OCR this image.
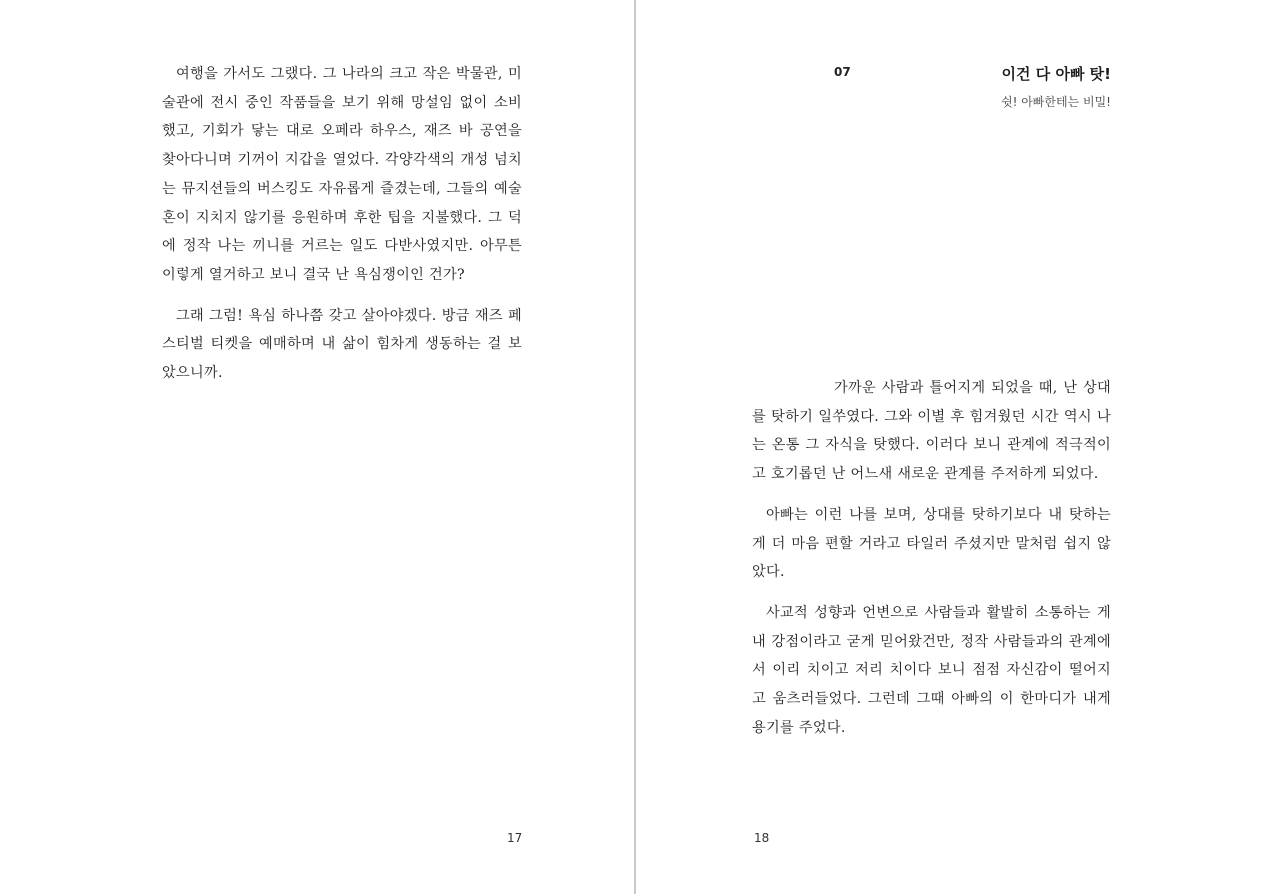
여행을 가서도 그랬다. 그 나라의 크고 작은 박물관, 미술관에 전시 중인 작품들을 보기 위해 망설임 없이 소비했고, 기회가 닿는 대로 오페라 하우스, 재즈 바 공연을 찾아다니며 기꺼이 지갑을 열었다. 각양각색의 개성 넘치는 뮤지션들의 버스킹도 자유롭게 즐겼는데, 그들의 예술혼이 지치지 않기를 응원하며 후한 팁을 지불했다. 그 덕에 정작 나는 끼니를 거르는 일도 다반사였지만. 아무튼 이렇게 열거하고 보니 결국 난 욕심쟁이인 건가?

그래 그럼! 욕심 하나쯤 갖고 살아야겠다. 방금 재즈 페스티벌 티켓을 예매하며 내 삶이 힘차게 생동하는 걸 보았으니까.

17
07	이건 다 아빠 탓!
쉿! 아빠한테는 비밀!

가까운 사람과 틀어지게 되었을 때, 난 상대를 탓하기 일쑤였다. 그와 이별 후 힘겨웠던 시간 역시 나는 온통 그 자식을 탓했다. 이러다 보니 관계에 적극적이고 호기롭던 난 어느새 새로운 관계를 주저하게 되었다.

아빠는 이런 나를 보며, 상대를 탓하기보다 내 탓하는 게 더 마음 편할 거라고 타일러 주셨지만 말처럼 쉽지 않았다.

사교적 성향과 언변으로 사람들과 활발히 소통하는 게 내 강점이라고 굳게 믿어왔건만, 정작 사람들과의 관계에서 이리 치이고 저리 치이다 보니 점점 자신감이 떨어지고 움츠러들었다. 그런데 그때 아빠의 이 한마디가 내게 용기를 주었다.

18
